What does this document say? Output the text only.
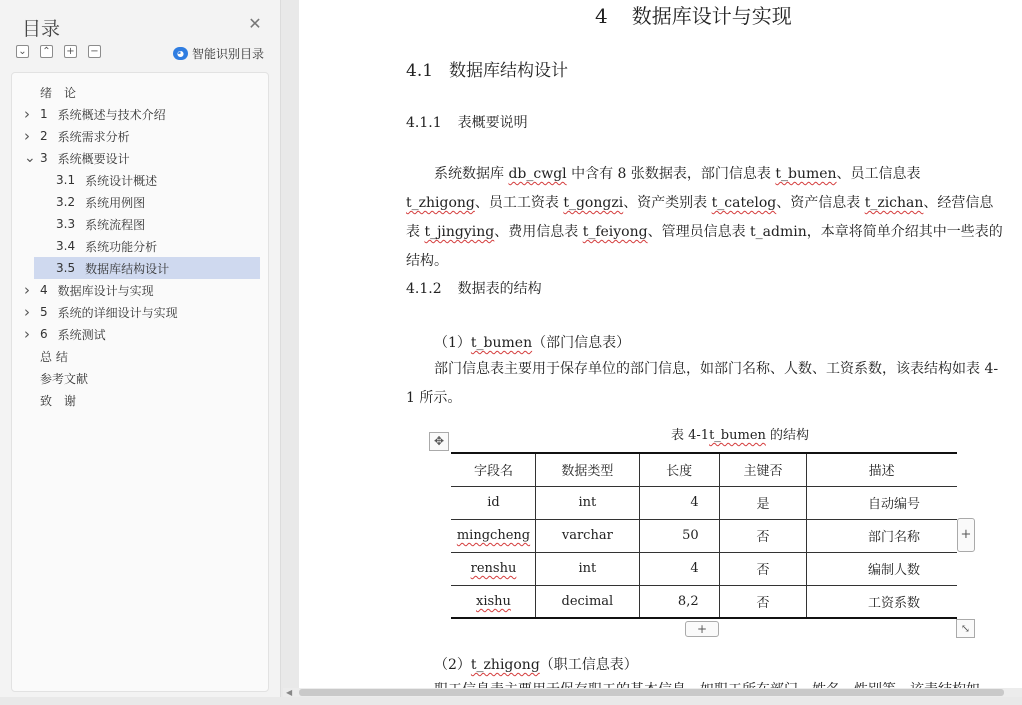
目录	✕
⌄ ⌃ + −	◕ 智能识别目录
绪　论
› 1 系统概述与技术介绍
› 2 系统需求分析
⌄ 3 系统概要设计
3.1 系统设计概述
3.2 系统用例图
3.3 系统流程图
3.4 系统功能分析
3.5 数据库结构设计
› 4 数据库设计与实现
› 5 系统的详细设计与实现
› 6 系统测试
总 结
参考文献
致　谢
4 数据库设计与实现
4.1 数据库结构设计
4.1.1 表概要说明
系统数据库 db_cwgl 中含有 8 张数据表，部门信息表 t_bumen、员工信息表 t_zhigong、员工工资表 t_gongzi、资产类别表 t_catelog、资产信息表 t_zichan、经营信息表 t_jingying、费用信息表 t_feiyong、管理员信息表 t_admin，本章将简单介绍其中一些表的结构。
4.1.2 数据表的结构
（1）t_bumen（部门信息表）
部门信息表主要用于保存单位的部门信息，如部门名称、人数、工资系数，该表结构如表 4-1 所示。
表 4-1t_bumen 的结构
✥
字段名	数据类型	长度	主键否	描述
id	int	4	是	自动编号
mingcheng	varchar	50	否	部门名称
renshu	int	4	否	编制人数
xishu	decimal	8,2	否	工资系数
+
+	⤡
（2）t_zhigong（职工信息表）
◀
